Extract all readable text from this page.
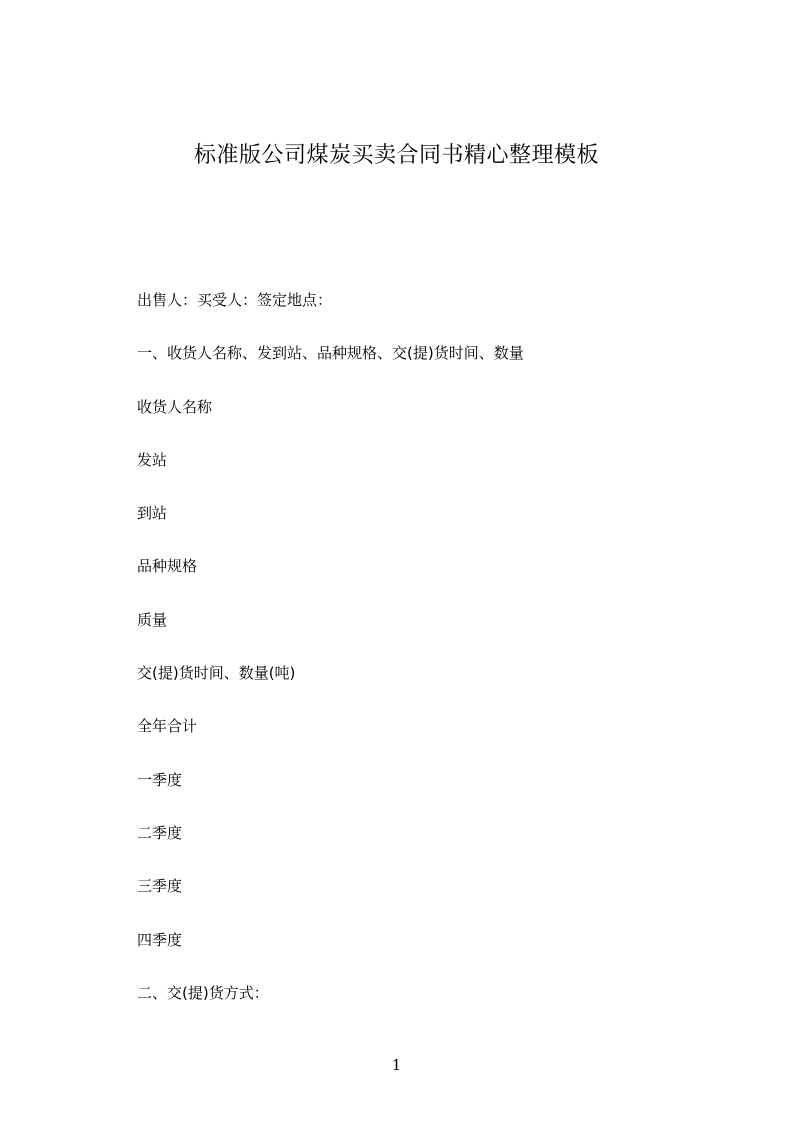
标准版公司煤炭买卖合同书精心整理模板
出售人：买受人：签定地点：
一、收货人名称、发到站、品种规格、交(提)货时间、数量
收货人名称
发站
到站
品种规格
质量
交(提)货时间、数量(吨)
全年合计
一季度
二季度
三季度
四季度
二、交(提)货方式：
1
